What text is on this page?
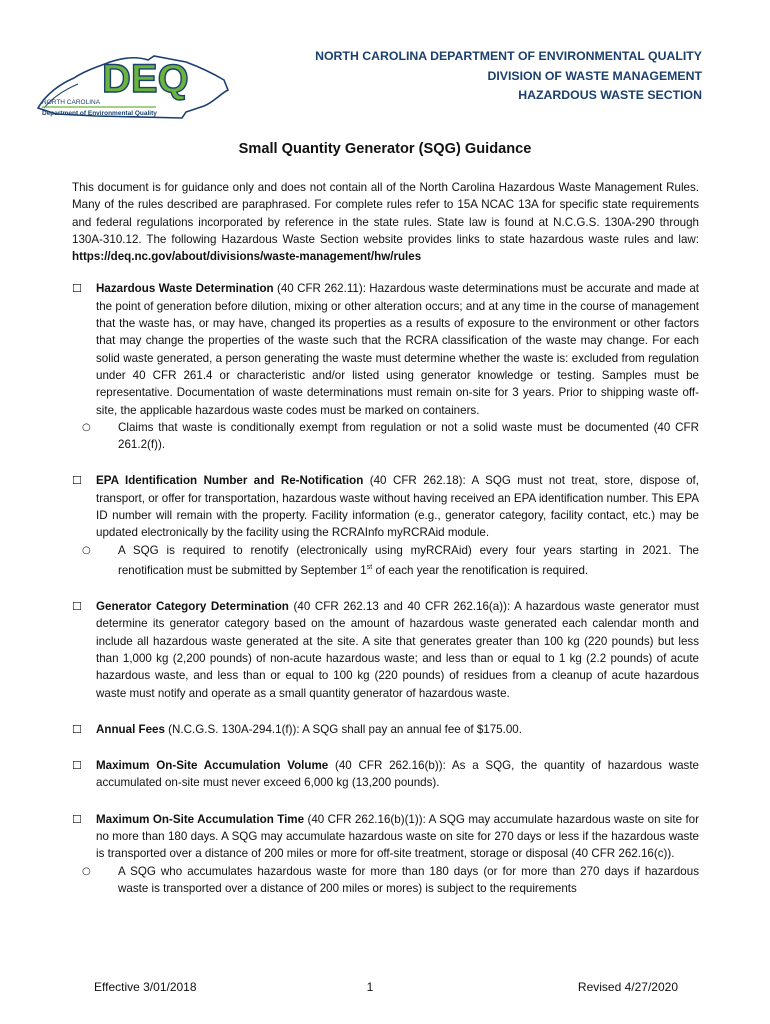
DEQ
NORTH CAROLINA
Department of Environmental Quality
NORTH CAROLINA DEPARTMENT OF ENVIRONMENTAL QUALITY
DIVISION OF WASTE MANAGEMENT
HAZARDOUS WASTE SECTION
Small Quantity Generator (SQG) Guidance

This document is for guidance only and does not contain all of the North Carolina Hazardous Waste Management Rules. Many of the rules described are paraphrased. For complete rules refer to 15A NCAC 13A for specific state requirements and federal regulations incorporated by reference in the state rules. State law is found at N.C.G.S. 130A-290 through 130A-310.12. The following Hazardous Waste Section website provides links to state hazardous waste rules and law: https://deq.nc.gov/about/divisions/waste-management/hw/rules

☐ Hazardous Waste Determination (40 CFR 262.11): Hazardous waste determinations must be accurate and made at the point of generation before dilution, mixing or other alteration occurs; and at any time in the course of management that the waste has, or may have, changed its properties as a results of exposure to the environment or other factors that may change the properties of the waste such that the RCRA classification of the waste may change. For each solid waste generated, a person generating the waste must determine whether the waste is: excluded from regulation under 40 CFR 261.4 or characteristic and/or listed using generator knowledge or testing. Samples must be representative. Documentation of waste determinations must remain on-site for 3 years. Prior to shipping waste off-site, the applicable hazardous waste codes must be marked on containers.
○ Claims that waste is conditionally exempt from regulation or not a solid waste must be documented (40 CFR 261.2(f)).
☐ EPA Identification Number and Re-Notification (40 CFR 262.18): A SQG must not treat, store, dispose of, transport, or offer for transportation, hazardous waste without having received an EPA identification number. This EPA ID number will remain with the property. Facility information (e.g., generator category, facility contact, etc.) may be updated electronically by the facility using the RCRAInfo myRCRAid module.
○ A SQG is required to renotify (electronically using myRCRAid) every four years starting in 2021. The renotification must be submitted by September 1st of each year the renotification is required.
☐ Generator Category Determination (40 CFR 262.13 and 40 CFR 262.16(a)): A hazardous waste generator must determine its generator category based on the amount of hazardous waste generated each calendar month and include all hazardous waste generated at the site. A site that generates greater than 100 kg (220 pounds) but less than 1,000 kg (2,200 pounds) of non-acute hazardous waste; and less than or equal to 1 kg (2.2 pounds) of acute hazardous waste, and less than or equal to 100 kg (220 pounds) of residues from a cleanup of acute hazardous waste must notify and operate as a small quantity generator of hazardous waste.
☐ Annual Fees (N.C.G.S. 130A-294.1(f)): A SQG shall pay an annual fee of $175.00.
☐ Maximum On-Site Accumulation Volume (40 CFR 262.16(b)): As a SQG, the quantity of hazardous waste accumulated on-site must never exceed 6,000 kg (13,200 pounds).
☐ Maximum On-Site Accumulation Time (40 CFR 262.16(b)(1)): A SQG may accumulate hazardous waste on site for no more than 180 days. A SQG may accumulate hazardous waste on site for 270 days or less if the hazardous waste is transported over a distance of 200 miles or more for off-site treatment, storage or disposal (40 CFR 262.16(c)).
○ A SQG who accumulates hazardous waste for more than 180 days (or for more than 270 days if hazardous waste is transported over a distance of 200 miles or mores) is subject to the requirements
Effective 3/01/2018	1	Revised 4/27/2020
